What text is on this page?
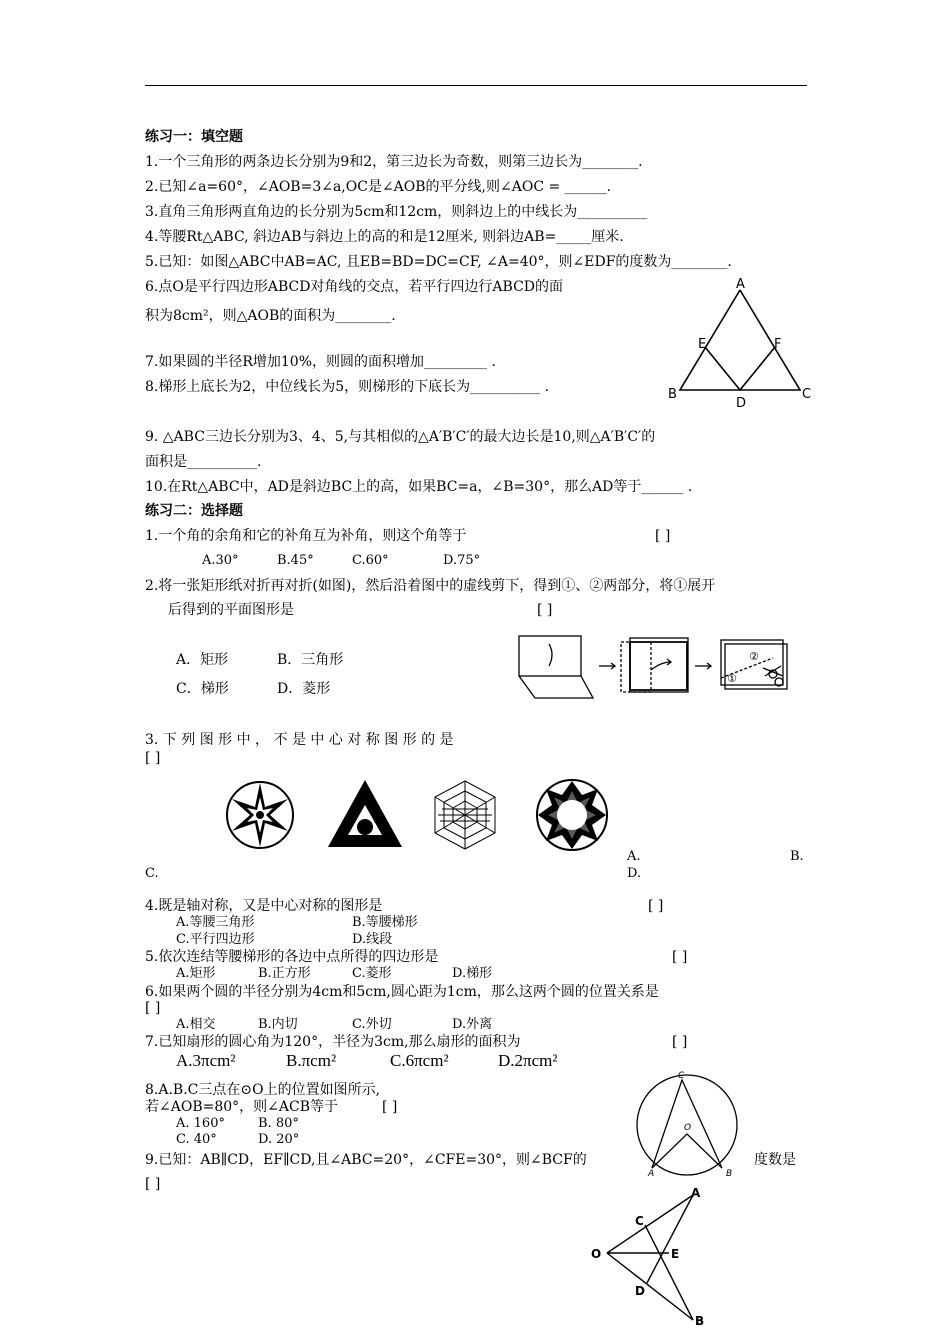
练习一：填空题
1.一个三角形的两条边长分别为9和2，第三边长为奇数，则第三边长为________.
2.已知∠a=60°，∠AOB=3∠a,OC是∠AOB的平分线,则∠AOC = ______.
3.直角三角形两直角边的长分别为5cm和12cm，则斜边上的中线长为__________
4.等腰Rt△ABC, 斜边AB与斜边上的高的和是12厘米, 则斜边AB=_____厘米.
5.已知：如图△ABC中AB=AC, 且EB=BD=DC=CF, ∠A=40°，则∠EDF的度数为________.
6.点O是平行四边形ABCD对角线的交点，若平行四边行ABCD的面
积为8cm²，则△AOB的面积为________.
7.如果圆的半径R增加10%，则圆的面积增加_________ .
8.梯形上底长为2，中位线长为5，则梯形的下底长为__________ .
9. △ABC三边长分别为3、4、5,与其相似的△A′B′C′的最大边长是10,则△A′B′C′的
面积是__________.
10.在Rt△ABC中，AD是斜边BC上的高，如果BC=a，∠B=30°，那么AD等于______ .
A
E	F
B
D
C
练习二：选择题
1.一个角的余角和它的补角互为补角，则这个角等于	[ ]
A.30°	B.45°	C.60°	D.75°
2.将一张矩形纸对折再对折(如图)，然后沿着图中的虚线剪下，得到①、②两部分，将①展开
后得到的平面图形是	[ ]
A．矩形	B．三角形
C．梯形	D．菱形
①
②
3. 下 列 图 形 中 ， 不 是 中 心 对 称 图 形 的 是
[ ]
A.	B.
C.	D.
4.既是轴对称，又是中心对称的图形是	[ ]
A.等腰三角形	B.等腰梯形
C.平行四边形	D.线段
5.依次连结等腰梯形的各边中点所得的四边形是	[ ]
A.矩形	B.正方形	C.菱形	D.梯形
6.如果两个圆的半径分别为4cm和5cm,圆心距为1cm，那么这两个圆的位置关系是
[ ]
A.相交	B.内切	C.外切	D.外离
7.已知扇形的圆心角为120°，半径为3cm,那么扇形的面积为	[ ]
A.3πcm²	B.πcm²	C.6πcm²	D.2πcm²
8.A.B.C三点在⊙O上的位置如图所示,
若∠AOB=80°，则∠ACB等于	[ ]
A. 160°	B. 80°
C. 40°	D. 20°
C
O
A	B
9.已知：AB∥CD，EF∥CD,且∠ABC=20°，∠CFE=30°，则∠BCF的	度数是
[ ]
A
C
O	E
D
B
